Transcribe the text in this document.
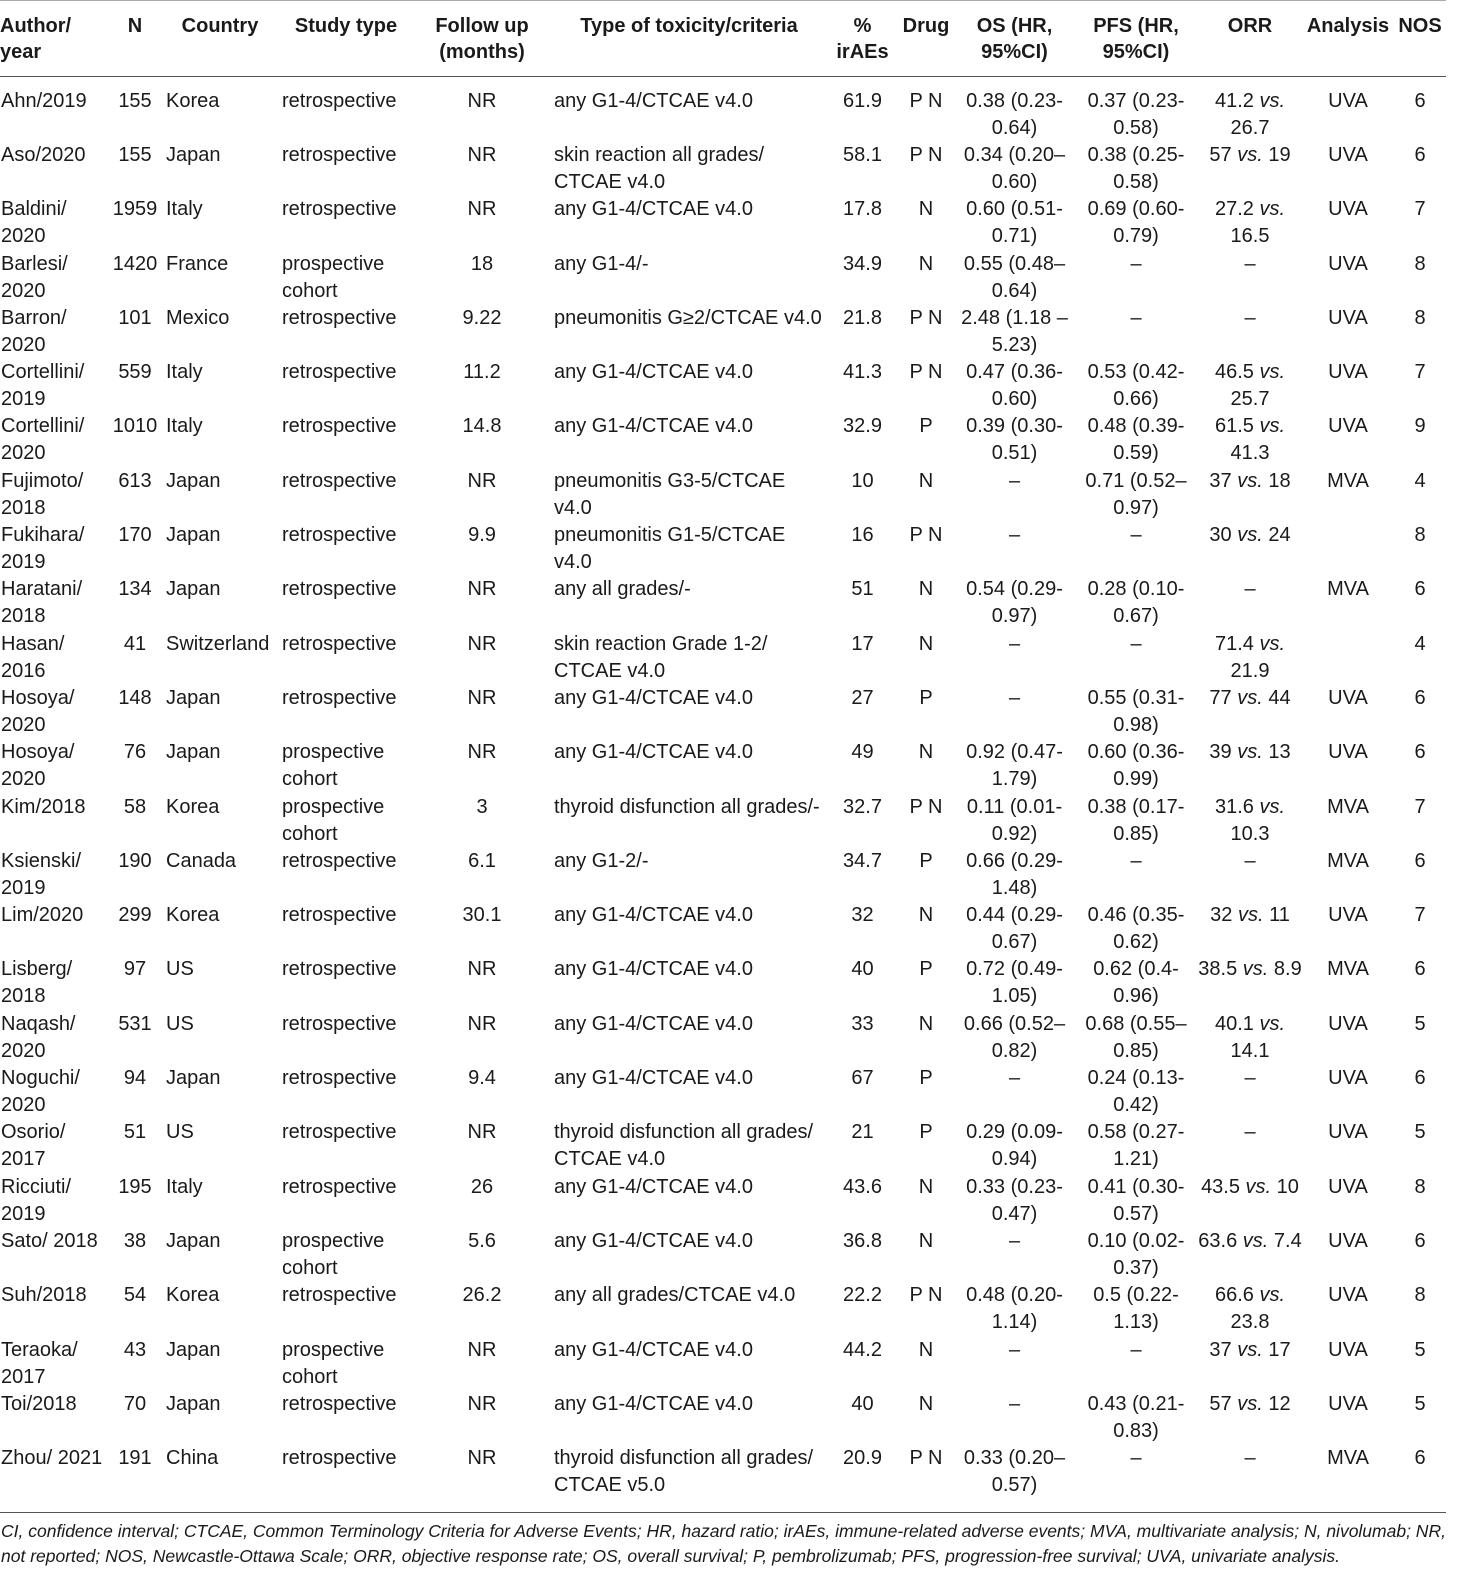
Author/ year	N	Country	Study type	Follow up (months)	Type of toxicity/criteria	% irAEs	Drug	OS (HR, 95%CI)	PFS (HR, 95%CI)	ORR	Analysis	NOS
Ahn/2019	155	Korea	retrospective	NR	any G1-4/CTCAE v4.0	61.9	P N	0.38 (0.23-0.64)	0.37 (0.23-0.58)	41.2 vs. 26.7	UVA	6
Aso/2020	155	Japan	retrospective	NR	skin reaction all grades/ CTCAE v4.0	58.1	P N	0.34 (0.20–0.60)	0.38 (0.25-0.58)	57 vs. 19	UVA	6
Baldini/ 2020	1959	Italy	retrospective	NR	any G1-4/CTCAE v4.0	17.8	N	0.60 (0.51-0.71)	0.69 (0.60-0.79)	27.2 vs. 16.5	UVA	7
Barlesi/ 2020	1420	France	prospective cohort	18	any G1-4/-	34.9	N	0.55 (0.48–0.64)	–	–	UVA	8
Barron/ 2020	101	Mexico	retrospective	9.22	pneumonitis G≥2/CTCAE v4.0	21.8	P N	2.48 (1.18 –5.23)	–	–	UVA	8
Cortellini/ 2019	559	Italy	retrospective	11.2	any G1-4/CTCAE v4.0	41.3	P N	0.47 (0.36-0.60)	0.53 (0.42-0.66)	46.5 vs. 25.7	UVA	7
Cortellini/ 2020	1010	Italy	retrospective	14.8	any G1-4/CTCAE v4.0	32.9	P	0.39 (0.30-0.51)	0.48 (0.39-0.59)	61.5 vs. 41.3	UVA	9
Fujimoto/ 2018	613	Japan	retrospective	NR	pneumonitis G3-5/CTCAE v4.0	10	N	–	0.71 (0.52–0.97)	37 vs. 18	MVA	4
Fukihara/ 2019	170	Japan	retrospective	9.9	pneumonitis G1-5/CTCAE v4.0	16	P N	–	–	30 vs. 24		8
Haratani/ 2018	134	Japan	retrospective	NR	any all grades/-	51	N	0.54 (0.29-0.97)	0.28 (0.10-0.67)	–	MVA	6
Hasan/ 2016	41	Switzerland	retrospective	NR	skin reaction Grade 1-2/ CTCAE v4.0	17	N	–	–	71.4 vs. 21.9		4
Hosoya/ 2020	148	Japan	retrospective	NR	any G1-4/CTCAE v4.0	27	P	–	0.55 (0.31-0.98)	77 vs. 44	UVA	6
Hosoya/ 2020	76	Japan	prospective cohort	NR	any G1-4/CTCAE v4.0	49	N	0.92 (0.47-1.79)	0.60 (0.36-0.99)	39 vs. 13	UVA	6
Kim/2018	58	Korea	prospective cohort	3	thyroid disfunction all grades/-	32.7	P N	0.11 (0.01-0.92)	0.38 (0.17-0.85)	31.6 vs. 10.3	MVA	7
Ksienski/ 2019	190	Canada	retrospective	6.1	any G1-2/-	34.7	P	0.66 (0.29-1.48)	–	–	MVA	6
Lim/2020	299	Korea	retrospective	30.1	any G1-4/CTCAE v4.0	32	N	0.44 (0.29-0.67)	0.46 (0.35-0.62)	32 vs. 11	UVA	7
Lisberg/ 2018	97	US	retrospective	NR	any G1-4/CTCAE v4.0	40	P	0.72 (0.49-1.05)	0.62 (0.4-0.96)	38.5 vs. 8.9	MVA	6
Naqash/ 2020	531	US	retrospective	NR	any G1-4/CTCAE v4.0	33	N	0.66 (0.52–0.82)	0.68 (0.55–0.85)	40.1 vs. 14.1	UVA	5
Noguchi/ 2020	94	Japan	retrospective	9.4	any G1-4/CTCAE v4.0	67	P	–	0.24 (0.13-0.42)	–	UVA	6
Osorio/ 2017	51	US	retrospective	NR	thyroid disfunction all grades/ CTCAE v4.0	21	P	0.29 (0.09-0.94)	0.58 (0.27-1.21)	–	UVA	5
Ricciuti/ 2019	195	Italy	retrospective	26	any G1-4/CTCAE v4.0	43.6	N	0.33 (0.23-0.47)	0.41 (0.30-0.57)	43.5 vs. 10	UVA	8
Sato/ 2018	38	Japan	prospective cohort	5.6	any G1-4/CTCAE v4.0	36.8	N	–	0.10 (0.02-0.37)	63.6 vs. 7.4	UVA	6
Suh/2018	54	Korea	retrospective	26.2	any all grades/CTCAE v4.0	22.2	P N	0.48 (0.20-1.14)	0.5 (0.22-1.13)	66.6 vs. 23.8	UVA	8
Teraoka/ 2017	43	Japan	prospective cohort	NR	any G1-4/CTCAE v4.0	44.2	N	–	–	37 vs. 17	UVA	5
Toi/2018	70	Japan	retrospective	NR	any G1-4/CTCAE v4.0	40	N	–	0.43 (0.21-0.83)	57 vs. 12	UVA	5
Zhou/ 2021	191	China	retrospective	NR	thyroid disfunction all grades/ CTCAE v5.0	20.9	P N	0.33 (0.20–0.57)	–	–	MVA	6
CI, confidence interval; CTCAE, Common Terminology Criteria for Adverse Events; HR, hazard ratio; irAEs, immune-related adverse events; MVA, multivariate analysis; N, nivolumab; NR, not reported; NOS, Newcastle-Ottawa Scale; ORR, objective response rate; OS, overall survival; P, pembrolizumab; PFS, progression-free survival; UVA, univariate analysis.
